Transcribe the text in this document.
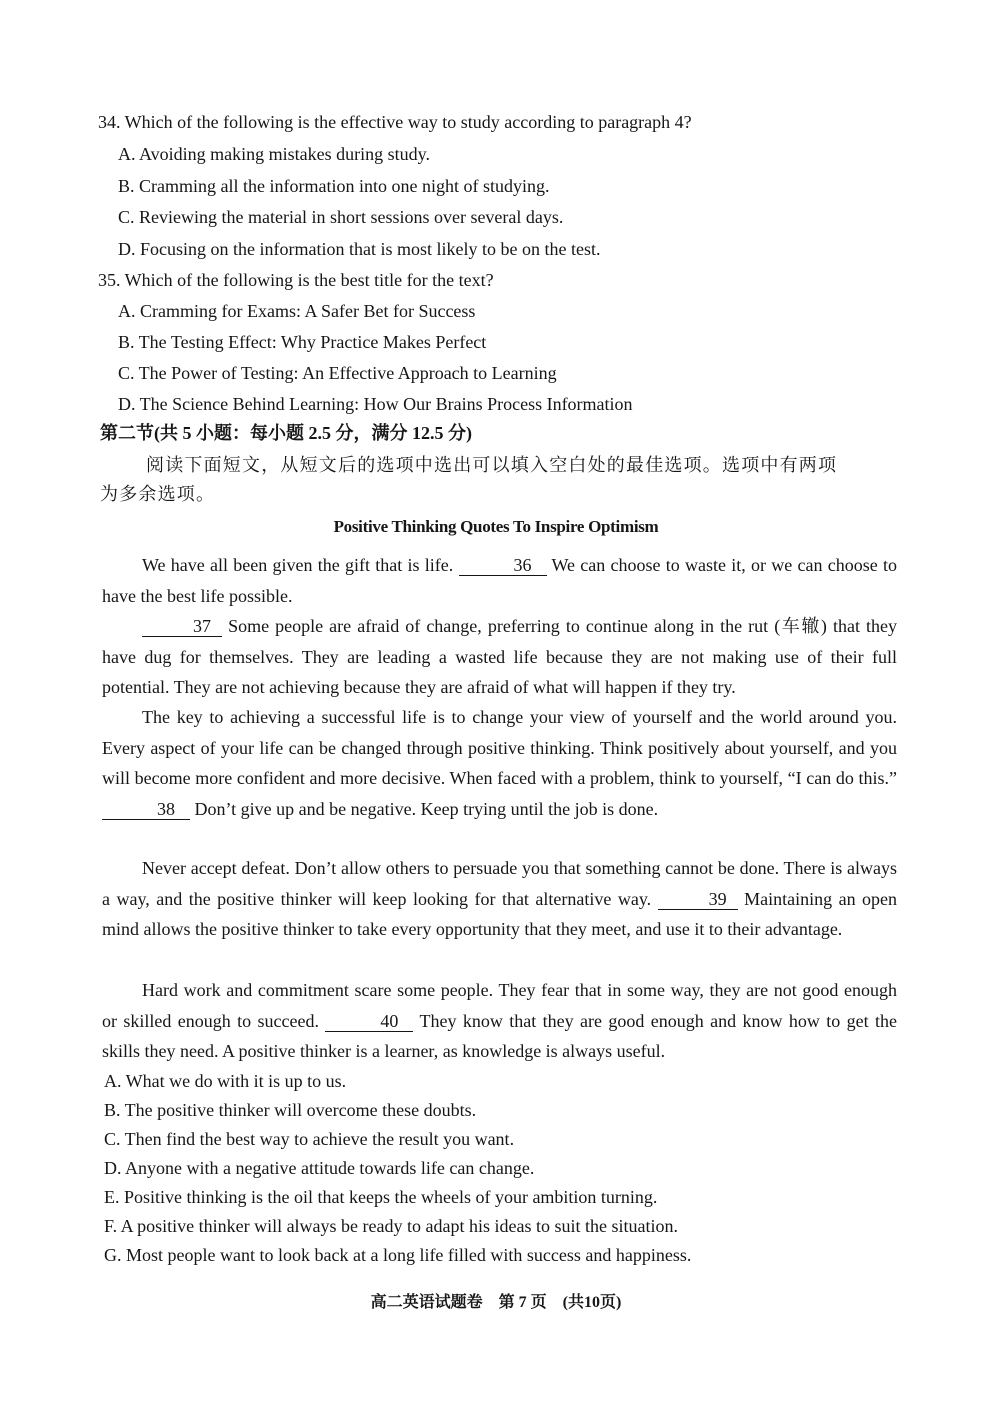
34. Which of the following is the effective way to study according to paragraph 4?
A. Avoiding making mistakes during study.
B. Cramming all the information into one night of studying.
C. Reviewing the material in short sessions over several days.
D. Focusing on the information that is most likely to be on the test.
35. Which of the following is the best title for the text?
A. Cramming for Exams: A Safer Bet for Success
B. The Testing Effect: Why Practice Makes Perfect
C. The Power of Testing: An Effective Approach to Learning
D. The Science Behind Learning: How Our Brains Process Information
第二节(共 5 小题：每小题 2.5 分，满分 12.5 分)
阅读下面短文，从短文后的选项中选出可以填入空白处的最佳选项。选项中有两项
为多余选项。
Positive Thinking Quotes To Inspire Optimism
We have all been given the gift that is life.	36 We can choose to waste it, or we can choose to have the best life possible.
37 Some people are afraid of change, preferring to continue along in the rut (车辙) that they have dug for themselves. They are leading a wasted life because they are not making use of their full potential. They are not achieving because they are afraid of what will happen if they try.
The key to achieving a successful life is to change your view of yourself and the world around you. Every aspect of your life can be changed through positive thinking. Think positively about yourself, and you will become more confident and more decisive. When faced with a problem, think to yourself, “I can do this.” 38 Don’t give up and be negative. Keep trying until the job is done.
Never accept defeat. Don’t allow others to persuade you that something cannot be done. There is always a way, and the positive thinker will keep looking for that alternative way.	39 Maintaining an open mind allows the positive thinker to take every opportunity that they meet, and use it to their advantage.
Hard work and commitment scare some people. They fear that in some way, they are not good enough or skilled enough to succeed.	40 They know that they are good enough and know how to get the skills they need. A positive thinker is a learner, as knowledge is always useful.
A. What we do with it is up to us.
B. The positive thinker will overcome these doubts.
C. Then find the best way to achieve the result you want.
D. Anyone with a negative attitude towards life can change.
E. Positive thinking is the oil that keeps the wheels of your ambition turning.
F. A positive thinker will always be ready to adapt his ideas to suit the situation.
G. Most people want to look back at a long life filled with success and happiness.
高二英语试题卷 第 7 页 (共10页)
